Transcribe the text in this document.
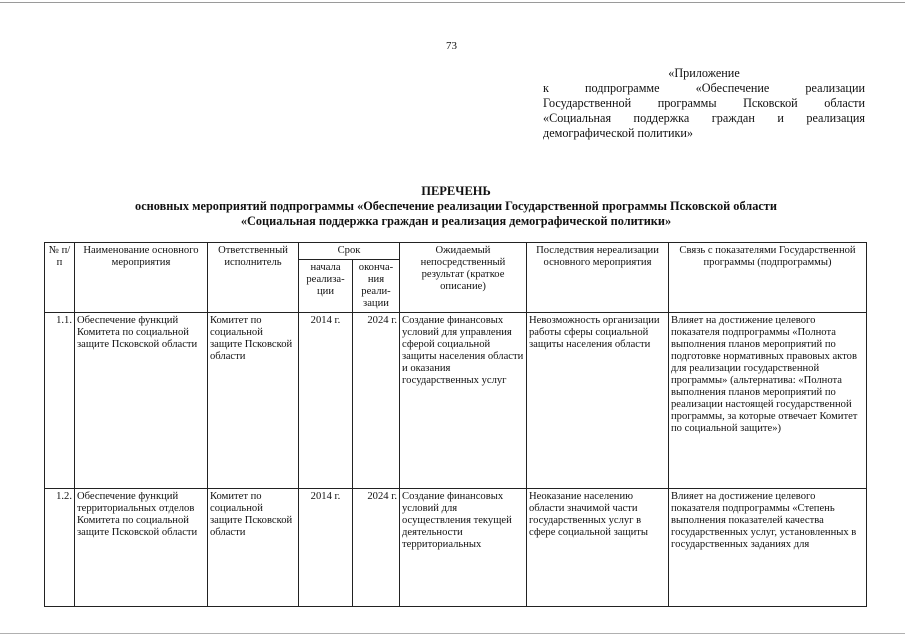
73
«Приложение
к подпрограмме «Обеспечение реализации
Государственной программы Псковской области
«Социальная поддержка граждан и реализация
демографической политики»
ПЕРЕЧЕНЬ
основных мероприятий подпрограммы «Обеспечение реализации Государственной программы Псковской области
«Социальная поддержка граждан и реализация демографической политики»
№ п/п	Наименование основного мероприятия	Ответственный исполнитель	Срок		Ожидаемый непосредственный результат (краткое описание)	Последствия нереализации основного мероприятия	Связь с показателями Государственной программы (подпрограммы)
			начала реализа-ции	оконча-ния реали-зации			
1.1.	Обеспечение функций Комитета по социальной защите Псковской области	Комитет по социальной защите Псковской области	2014 г.	2024 г.	Создание финансовых условий для управления сферой социальной защиты населения области и оказания государственных услуг	Невозможность организации работы сферы социальной защиты населения области	Влияет на достижение целевого показателя подпрограммы «Полнота выполнения планов мероприятий по подготовке нормативных правовых актов для реализации государственной программы» (альтернатива: «Полнота выполнения планов мероприятий по реализации настоящей государственной программы, за которые отвечает Комитет по социальной защите»)
1.2.	Обеспечение функций территориальных отделов Комитета по социальной защите Псковской области	Комитет по социальной защите Псковской области	2014 г.	2024 г.	Создание финансовых условий для осуществления текущей деятельности территориальных	Неоказание населению области значимой части государственных услуг в сфере социальной защиты	Влияет на достижение целевого показателя подпрограммы «Степень выполнения показателей качества государственных услуг, установленных в государственных заданиях для
